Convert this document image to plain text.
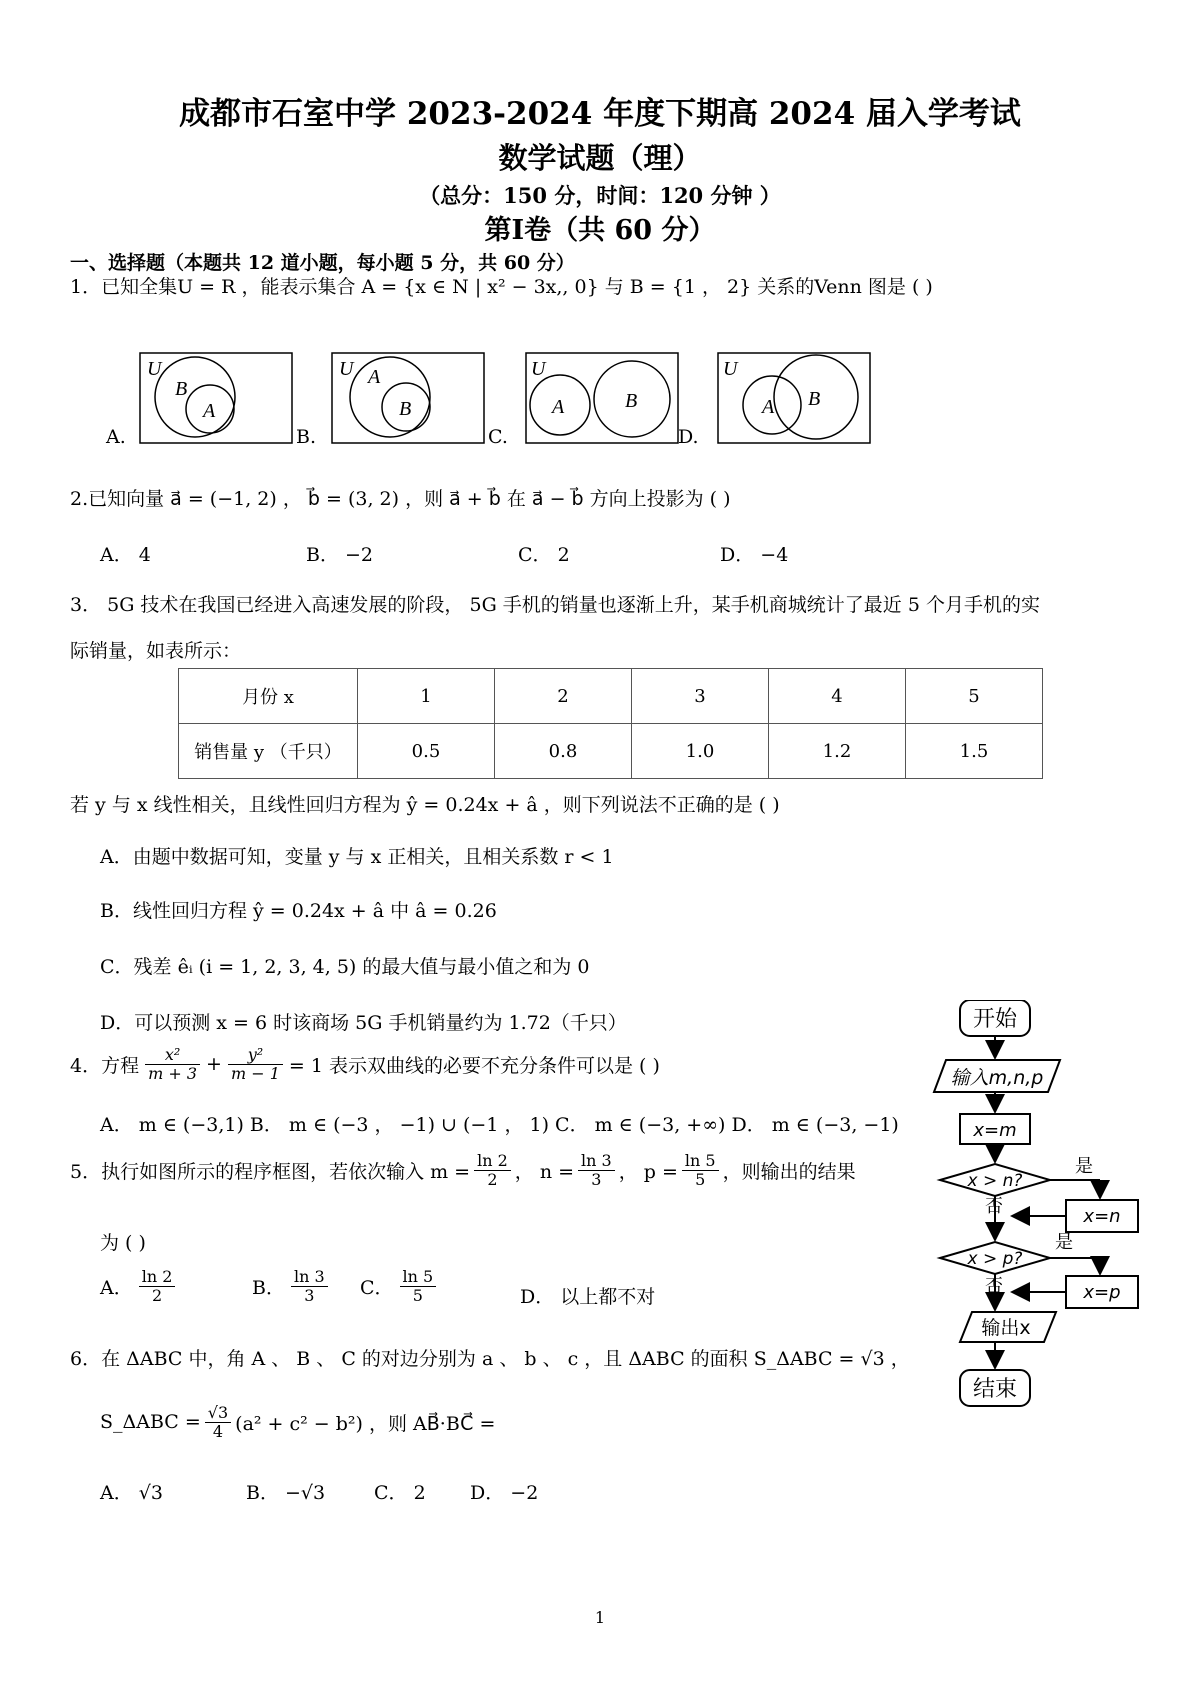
成都市石室中学 2023-2024 年度下期高 2024 届入学考试
数学试题（理）
（总分：150 分，时间：120 分钟 ）
第Ⅰ卷（共 60 分）
一、选择题（本题共 12 道小题，每小题 5 分，共 60 分）
1．已知全集U = R ，能表示集合 A = {x ∈ N | x² − 3x,, 0} 与 B = {1 ， 2} 关系的Venn 图是 ( )
U
B
A
U A
B
U
A	B
U
A B
A.	B.	C.	D.
2.已知向量 a⃗ = (−1, 2) ， b⃗ = (3, 2) ，则 a⃗ + b⃗ 在 a⃗ − b⃗ 方向上投影为 ( )
A． 4	B． −2	C． 2	D． −4
3． 5G 技术在我国已经进入高速发展的阶段， 5G 手机的销量也逐渐上升，某手机商城统计了最近 5 个月手机的实
际销量，如表所示：
月份 x	1	2	3	4	5
销售量 y （千只）	0.5	0.8	1.0	1.2	1.5
若 y 与 x 线性相关，且线性回归方程为 ŷ = 0.24x + â ，则下列说法不正确的是 ( )
A．由题中数据可知，变量 y 与 x 正相关，且相关系数 r < 1
B．线性回归方程 ŷ = 0.24x + â 中 â = 0.26
C．残差 êᵢ (i = 1, 2, 3, 4, 5) 的最大值与最小值之和为 0
D．可以预测 x = 6 时该商场 5G 手机销量约为 1.72（千只）
4．方程 $\frac{\text{x²}}{m + 3} + \frac{\text{y²}}{m - 1} = 1$ 表示双曲线的必要不充分条件可以是 ( )
A． m ∈ (−3,1) B． m ∈ (−3 ， −1) ∪ (−1 ， 1) C． m ∈ (−3, +∞) D． m ∈ (−3, −1)
5．执行如图所示的程序框图，若依次输入 $m = \frac{\ln 2}{2}$ ， $n = \frac{\ln 3}{3}$ ， $p = \frac{\ln 5}{5}$ ，则输出的结果
为 ( )
A． $\frac{\ln 2}{2}$	B． $\frac{\ln 3}{3}$ C． $\frac{\ln 5}{5}$	D． 以上都不对
6．在 ΔABC 中，角 A 、 B 、 C 的对边分别为 a 、 b 、 c ，且 ΔABC 的面积 S_ΔABC = √3 ，
S_ΔABC = $\frac{√3}{4} (a^2 + c^2 - b^2)$ ，则 AB⃗·BC⃗ =
A． √3	B． −√3	C． 2 D． −2
开始
输入m,n,p
x=m
x > n?
是
否	x=n
x > p?
是
否	x=p
输出x
结束
1
